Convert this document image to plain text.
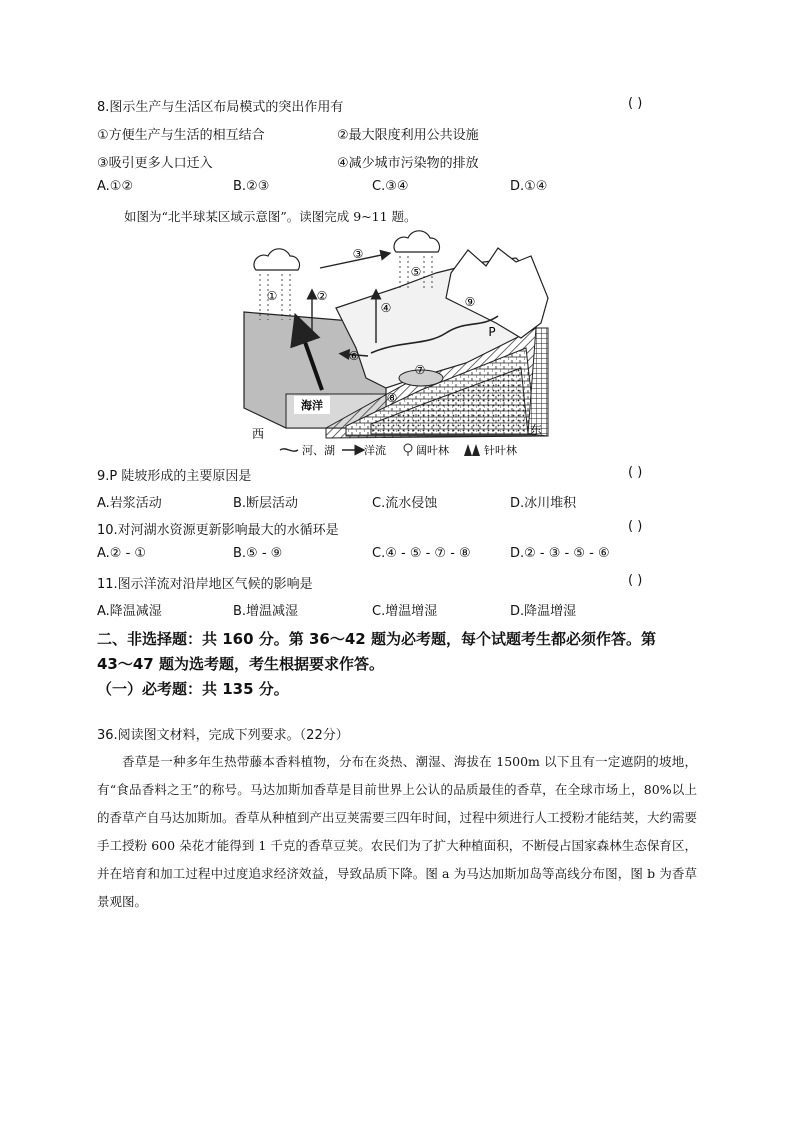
8.图示生产与生活区布局模式的突出作用有	( )
①方便生产与生活的相互结合	②最大限度利用公共设施
③吸引更多人口迁入	④减少城市污染物的排放
A.①②	B.②③	C.③④	D.①④
如图为“北半球某区域示意图”。读图完成 9~11 题。
①	②
③
④
⑤
⑥
⑦
⑧
⑨
P
海洋
西	东
河、湖	洋流	阔叶林	针叶林
9.P 陡坡形成的主要原因是	( )
A.岩浆活动	B.断层活动	C.流水侵蚀	D.冰川堆积
10.对河湖水资源更新影响最大的水循环是	( )
A.② - ①	B.⑤ - ⑨	C.④ - ⑤ - ⑦ - ⑧	D.② - ③ - ⑤ - ⑥
11.图示洋流对沿岸地区气候的影响是	( )
A.降温减湿	B.增温减湿	C.增温增湿	D.降温增湿
二、非选择题：共 160 分。第 36～42 题为必考题，每个试题考生都必须作答。第
43～47 题为选考题，考生根据要求作答。
（一）必考题：共 135 分。
36.阅读图文材料，完成下列要求。（22分）
香草是一种多年生热带藤本香料植物，分布在炎热、潮湿、海拔在 1500m 以下且有一定遮阴的坡地，有“食品香料之王”的称号。马达加斯加香草是目前世界上公认的品质最佳的香草，在全球市场上，80%以上的香草产自马达加斯加。香草从种植到产出豆荚需要三四年时间，过程中须进行人工授粉才能结荚，大约需要手工授粉 600 朵花才能得到 1 千克的香草豆荚。农民们为了扩大种植面积，不断侵占国家森林生态保育区，并在培育和加工过程中过度追求经济效益，导致品质下降。图 a 为马达加斯加岛等高线分布图，图 b 为香草景观图。
